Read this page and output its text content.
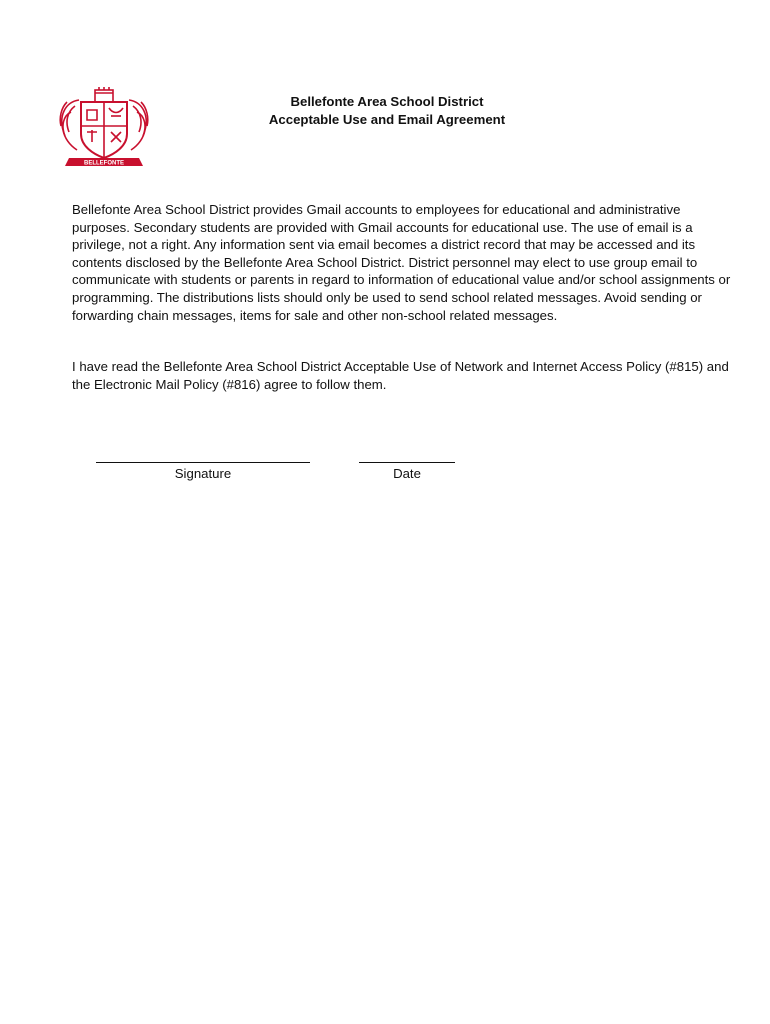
BELLEFONTE
Bellefonte Area School District
Acceptable Use and Email Agreement
Bellefonte Area School District provides Gmail accounts to employees for educational and administrative purposes. Secondary students are provided with Gmail accounts for educational use. The use of email is a privilege, not a right. Any information sent via email becomes a district record that may be accessed and its contents disclosed by the Bellefonte Area School District. District personnel may elect to use group email to communicate with students or parents in regard to information of educational value and/or school assignments or programming. The distributions lists should only be used to send school related messages. Avoid sending or forwarding chain messages, items for sale and other non-school related messages.
I have read the Bellefonte Area School District Acceptable Use of Network and Internet Access Policy (#815) and the Electronic Mail Policy (#816) agree to follow them.
Signature	Date
